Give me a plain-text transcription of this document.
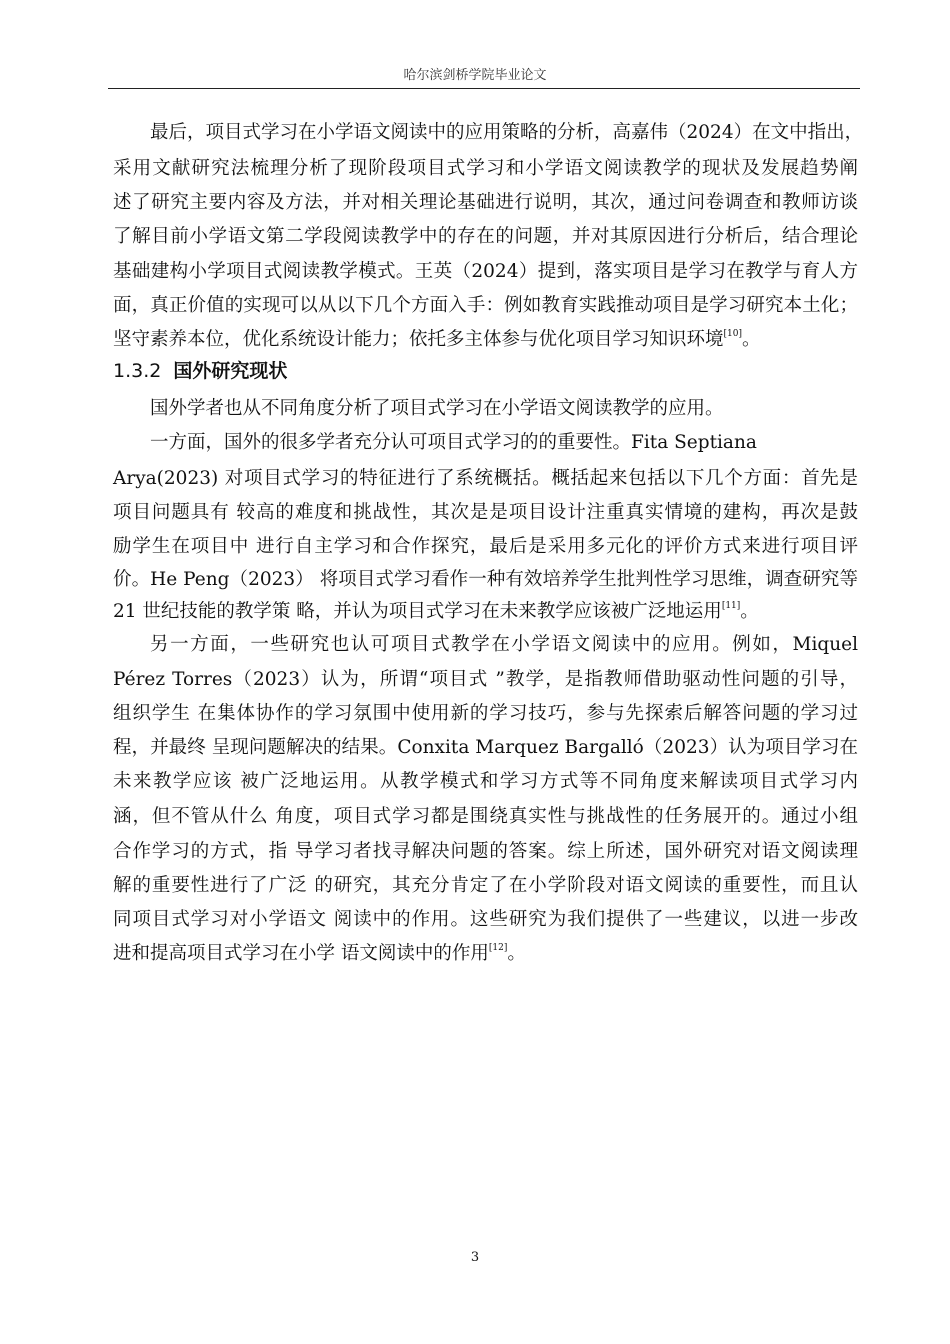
哈尔滨剑桥学院毕业论文
最后，项目式学习在小学语文阅读中的应用策略的分析，高嘉伟（2024）在文中指出，
采用文献研究法梳理分析了现阶段项目式学习和小学语文阅读教学的现状及发展趋势阐
述了研究主要内容及方法，并对相关理论基础进行说明，其次，通过问卷调查和教师访谈
了解目前小学语文第二学段阅读教学中的存在的问题，并对其原因进行分析后，结合理论
基础建构小学项目式阅读教学模式。王英（2024）提到，落实项目是学习在教学与育人方
面，真正价值的实现可以从以下几个方面入手：例如教育实践推动项目是学习研究本土化；
坚守素养本位，优化系统设计能力；依托多主体参与优化项目学习知识环境[10]。
1.3.2 国外研究现状
国外学者也从不同角度分析了项目式学习在小学语文阅读教学的应用。
一方面，国外的很多学者充分认可项目式学习的的重要性。Fita Septiana
Arya(2023) 对项目式学习的特征进行了系统概括。概括起来包括以下几个方面：首先是
项目问题具有 较高的难度和挑战性，其次是是项目设计注重真实情境的建构，再次是鼓
励学生在项目中 进行自主学习和合作探究，最后是采用多元化的评价方式来进行项目评
价。He Peng（2023） 将项目式学习看作一种有效培养学生批判性学习思维，调查研究等
21 世纪技能的教学策 略，并认为项目式学习在未来教学应该被广泛地运用[11]。
另一方面，一些研究也认可项目式教学在小学语文阅读中的应用。例如，Miquel
Pérez Torres（2023）认为，所谓“项目式 ”教学，是指教师借助驱动性问题的引导，
组织学生 在集体协作的学习氛围中使用新的学习技巧，参与先探索后解答问题的学习过
程，并最终 呈现问题解决的结果。Conxita Marquez Bargalló（2023）认为项目学习在
未来教学应该 被广泛地运用。从教学模式和学习方式等不同角度来解读项目式学习内
涵，但不管从什么 角度，项目式学习都是围绕真实性与挑战性的任务展开的。通过小组
合作学习的方式，指 导学习者找寻解决问题的答案。综上所述，国外研究对语文阅读理
解的重要性进行了广泛 的研究，其充分肯定了在小学阶段对语文阅读的重要性，而且认
同项目式学习对小学语文 阅读中的作用。这些研究为我们提供了一些建议，以进一步改
进和提高项目式学习在小学 语文阅读中的作用[12]。
3
